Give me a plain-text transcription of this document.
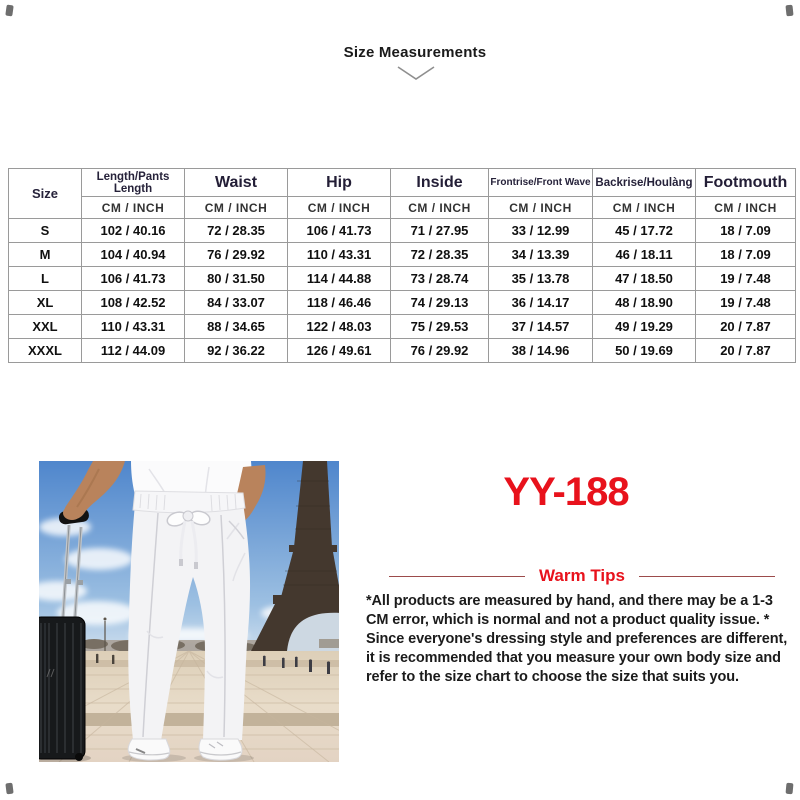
Size Measurements
Size	Length/Pants Length	Waist	Hip	Inside	Frontrise/Front Wave	Backrise/Houlàng	Footmouth
	CM / INCH	CM / INCH	CM / INCH	CM / INCH	CM / INCH	CM / INCH	CM / INCH
S	102 / 40.16	72 / 28.35	106 / 41.73	71 / 27.95	33 / 12.99	45 / 17.72	18 / 7.09
M	104 / 40.94	76 / 29.92	110 / 43.31	72 / 28.35	34 / 13.39	46 / 18.11	18 / 7.09
L	106 / 41.73	80 / 31.50	114 / 44.88	73 / 28.74	35 / 13.78	47 / 18.50	19 / 7.48
XL	108 / 42.52	84 / 33.07	118 / 46.46	74 / 29.13	36 / 14.17	48 / 18.90	19 / 7.48
XXL	110 / 43.31	88 / 34.65	122 / 48.03	75 / 29.53	37 / 14.57	49 / 19.29	20 / 7.87
XXXL	112 / 44.09	92 / 36.22	126 / 49.61	76 / 29.92	38 / 14.96	50 / 19.69	20 / 7.87
YY-188
Warm Tips
*All products are measured by hand, and there may be a 1-3 CM error, which is normal and not a product quality issue. * Since everyone's dressing style and preferences are different, it is recommended that you measure your own body size and refer to the size chart to choose the size that suits you.
